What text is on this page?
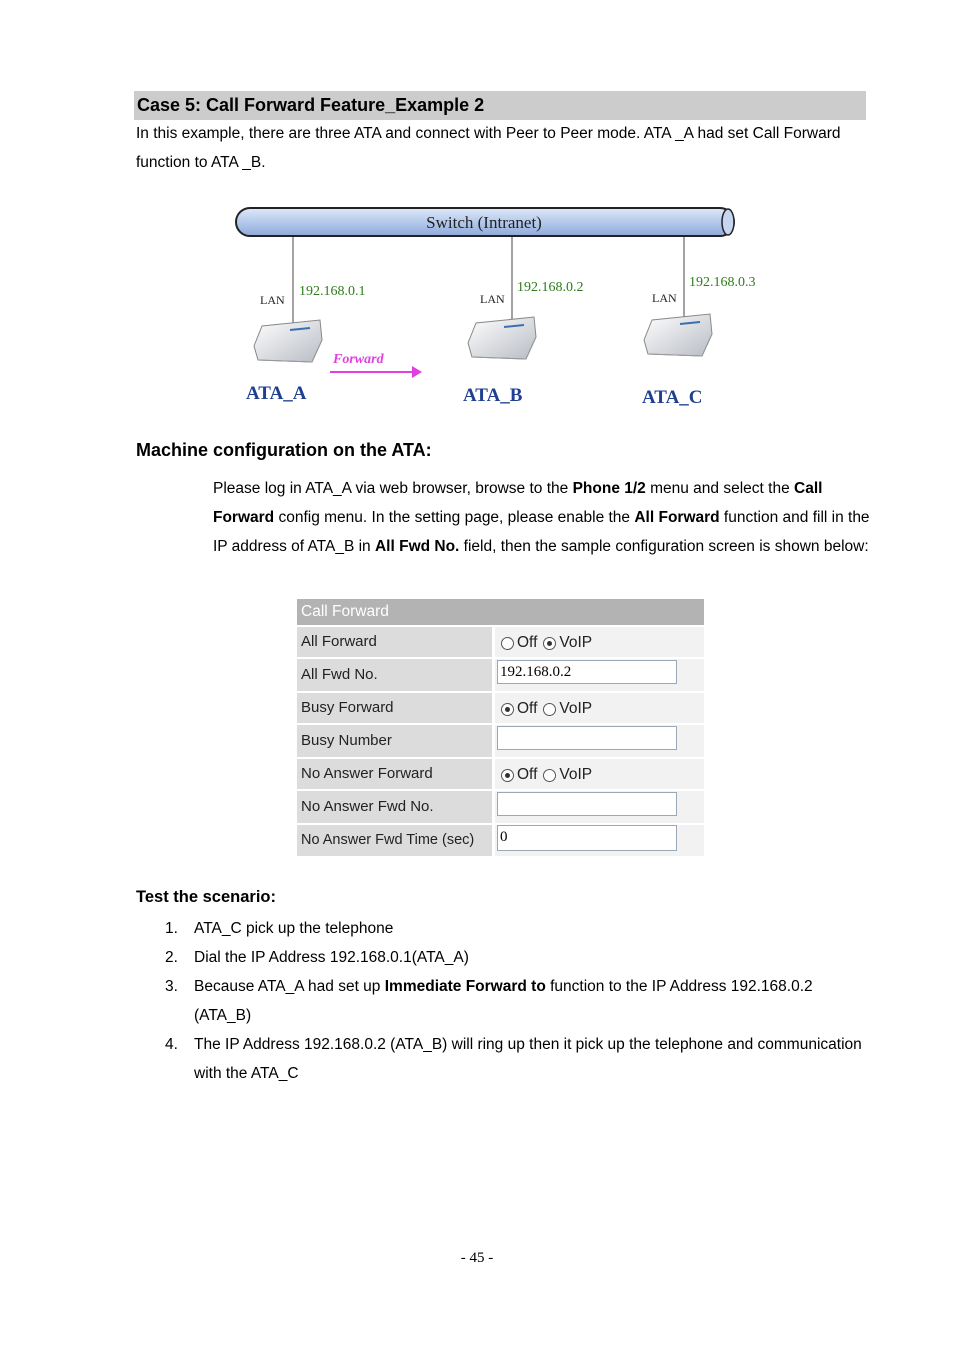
Case 5: Call Forward Feature_Example 2
In this example, there are three ATA and connect with Peer to Peer mode. ATA _A had set Call Forward function to ATA _B.
Switch (Intranet)
LAN	LAN	LAN
192.168.0.1	192.168.0.2	192.168.0.3
Forward
ATA_A	ATA_B	ATA_C
Machine configuration on the ATA:
Please log in ATA_A via web browser, browse to the Phone 1/2 menu and select the Call Forward config menu. In the setting page, please enable the All Forward function and fill in the IP address of ATA_B in All Fwd No. field, then the sample configuration screen is shown below:
Call Forward
All Forward	Off VoIP
All Fwd No.	192.168.0.2
Busy Forward	Off VoIP
Busy Number
No Answer Forward	Off VoIP
No Answer Fwd No.
No Answer Fwd Time (sec)	0
Test the scenario:
1. ATA_C pick up the telephone
2. Dial the IP Address 192.168.0.1(ATA_A)
3. Because ATA_A had set up Immediate Forward to function to the IP Address 192.168.0.2 (ATA_B)
4. The IP Address 192.168.0.2 (ATA_B) will ring up then it pick up the telephone and communication with the ATA_C
- 45 -
